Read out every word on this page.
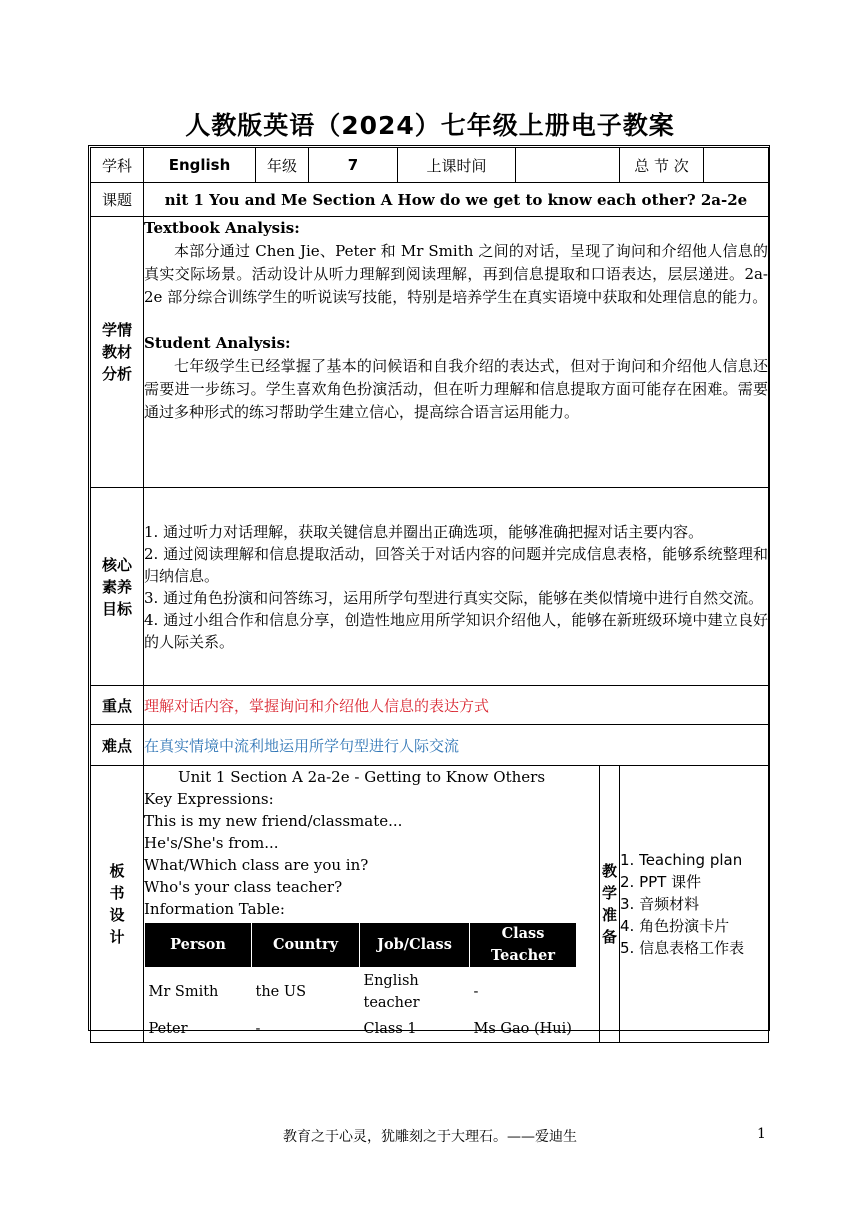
人教版英语（2024）七年级上册电子教案
学科	English	年级	7	上课时间		总 节 次	
课题	nit 1 You and Me Section A How do we get to know each other? 2a-2e
学情
教材
分析	
Textbook Analysis:

本部分通过 Chen Jie、Peter 和 Mr Smith 之间的对话，呈现了询问和介绍他人信息的真实交际场景。活动设计从听力理解到阅读理解，再到信息提取和口语表达，层层递进。2a-2e 部分综合训练学生的听说读写技能，特别是培养学生在真实语境中获取和处理信息的能力。

Student Analysis:

七年级学生已经掌握了基本的问候语和自我介绍的表达式，但对于询问和介绍他人信息还需要进一步练习。学生喜欢角色扮演活动，但在听力理解和信息提取方面可能存在困难。需要通过多种形式的练习帮助学生建立信心，提高综合语言运用能力。

核心
素养
目标	
1. 通过听力对话理解，获取关键信息并圈出正确选项，能够准确把握对话主要内容。
2. 通过阅读理解和信息提取活动，回答关于对话内容的问题并完成信息表格，能够系统整理和归纳信息。
3. 通过角色扮演和问答练习，运用所学句型进行真实交际，能够在类似情境中进行自然交流。
4. 通过小组合作和信息分享，创造性地应用所学知识介绍他人，能够在新班级环境中建立良好的人际关系。

重点	理解对话内容，掌握询问和介绍他人信息的表达方式
难点	在真实情境中流利地运用所学句型进行人际交流
板
书
设
计	
Unit 1 Section A 2a-2e - Getting to Know Others
Key Expressions:
This is my new friend/classmate...
He's/She's from...
What/Which class are you in?
Who's your class teacher?
Information Table:
Person	Country	Job/Class	Class Teacher
Mr Smith	the US	English teacher	-
Peter	-	Class 1	Ms Gao (Hui)
	教
学
准
备	
1. Teaching plan
2. PPT 课件
3. 音频材料
4. 角色扮演卡片
5. 信息表格工作表
教育之于心灵，犹雕刻之于大理石。——爱迪生	1
